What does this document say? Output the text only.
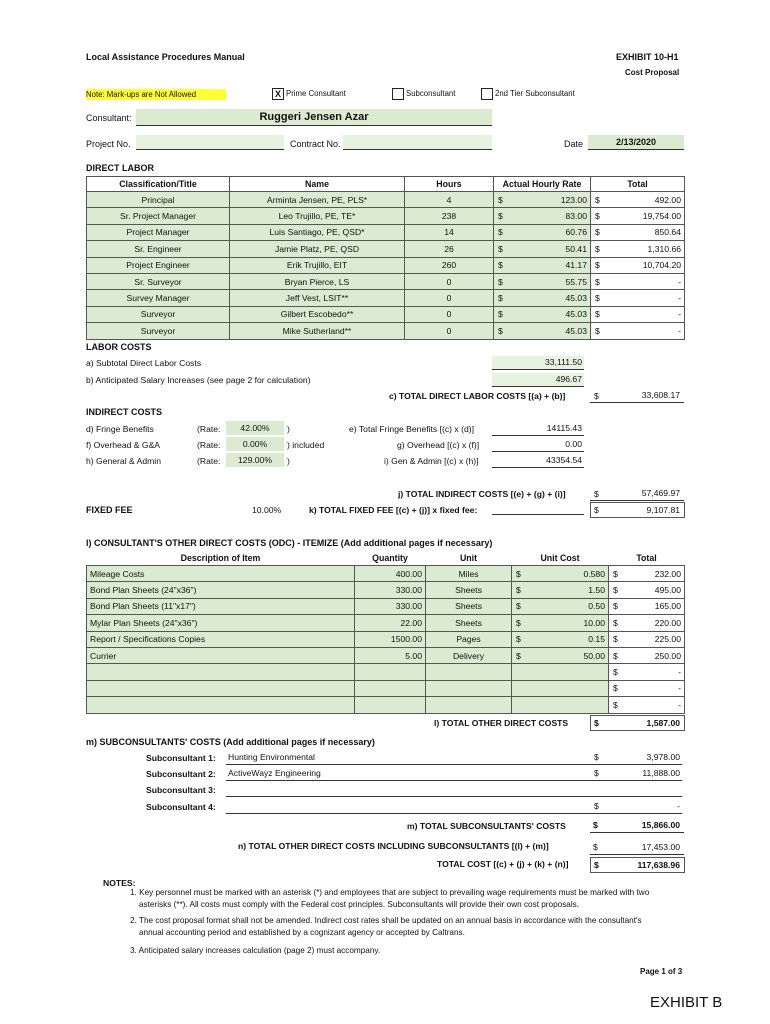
Local Assistance Procedures Manual	EXHIBIT 10-H1
Cost Proposal
Note: Mark-ups are Not Allowed	X Prime Consultant	Subconsultant	2nd Tier Subconsultant
Consultant:	Ruggeri Jensen Azar
Project No.	Contract No.	Date	2/13/2020
DIRECT LABOR
Classification/Title	Name	Hours	Actual Hourly Rate	Total
Principal	Arminta Jensen, PE, PLS*	4	$ 123.00	$ 492.00

Sr. Project Manager	Leo Trujillo, PE, TE*	238	$ 83.00	$ 19,754.00

Project Manager	Luis Santiago, PE, QSD*	14	$ 60.76	$ 850.64

Sr. Engineer	Jamie Platz, PE, QSD	26	$ 50.41	$ 1,310.66

Project Engineer	Erik Trujillo, EIT	260	$ 41.17	$ 10,704.20

Sr. Surveyor	Bryan Pierce, LS	0	$ 55.75	$ -

Survey Manager	Jeff Vest, LSIT**	0	$ 45.03	$ -

Surveyor	Gilbert Escobedo**	0	$ 45.03	$ -

Surveyor	Mike Sutherland**	0	$ 45.03	$ -
LABOR COSTS
a) Subtotal Direct Labor Costs	33,111.50
b) Anticipated Salary Increases (see page 2 for calculation)	496.67
c) TOTAL DIRECT LABOR COSTS [(a) + (b)]	$	33,608.17
INDIRECT COSTS
d) Fringe Benefits	(Rate:	42.00%	)	e) Total Fringe Benefits [(c) x (d)]	14115.43
f) Overhead & G&A	(Rate:	0.00%	) included	g) Overhead [(c) x (f)]	0.00
h) General & Admin	(Rate:	129.00%	)	i) Gen & Admin [(c) x (h)]	43354.54
j) TOTAL INDIRECT COSTS [(e) + (g) + (i)]	$	57,469.97
FIXED FEE	10.00%	k) TOTAL FIXED FEE [(c) + (j)] x fixed fee:	$	9,107.81
l) CONSULTANT'S OTHER DIRECT COSTS (ODC) - ITEMIZE (Add additional pages if necessary)
Description of Item	Quantity	Unit	Unit Cost	Total
Mileage Costs	400.00	Miles	$ 0.580	$ 232.00

Bond Plan Sheets (24"x36")	330.00	Sheets	$ 1.50	$ 495.00

Bond Plan Sheets (11"x17")	330.00	Sheets	$ 0.50	$ 165.00

Mylar Plan Sheets (24"x36")	22.00	Sheets	$ 10.00	$ 220.00

Report / Specifications Copies	1500.00	Pages	$ 0.15	$ 225.00

Currier	5.00	Delivery	$ 50.00	$ 250.00

				$ -

				$ -

				$ -
l) TOTAL OTHER DIRECT COSTS	$	1,587.00
m) SUBCONSULTANTS' COSTS (Add additional pages if necessary)
Subconsultant 1: Hunting Environmental	$	3,978.00
Subconsultant 2: ActiveWayz Engineering	$	11,888.00
Subconsultant 3:
Subconsultant 4:	$	-
m) TOTAL SUBCONSULTANTS' COSTS	$	15,866.00
n) TOTAL OTHER DIRECT COSTS INCLUDING SUBCONSULTANTS [(l) + (m)]	$	17,453.00
TOTAL COST [(c) + (j) + (k) + (n)]	$	117,638.96
NOTES:
1. Key personnel must be marked with an asterisk (*) and employees that are subject to prevailing wage requirements must be marked with two
asterisks (**). All costs must comply with the Federal cost principles. Subconsultants will provide their own cost proposals.
2. The cost proposal format shall not be amended. Indirect cost rates shall be updated on an annual basis in accordance with the consultant's
annual accounting period and established by a cognizant agency or accepted by Caltrans.
3. Anticipated salary increases calculation (page 2) must accompany.
Page 1 of 3
EXHIBIT B
